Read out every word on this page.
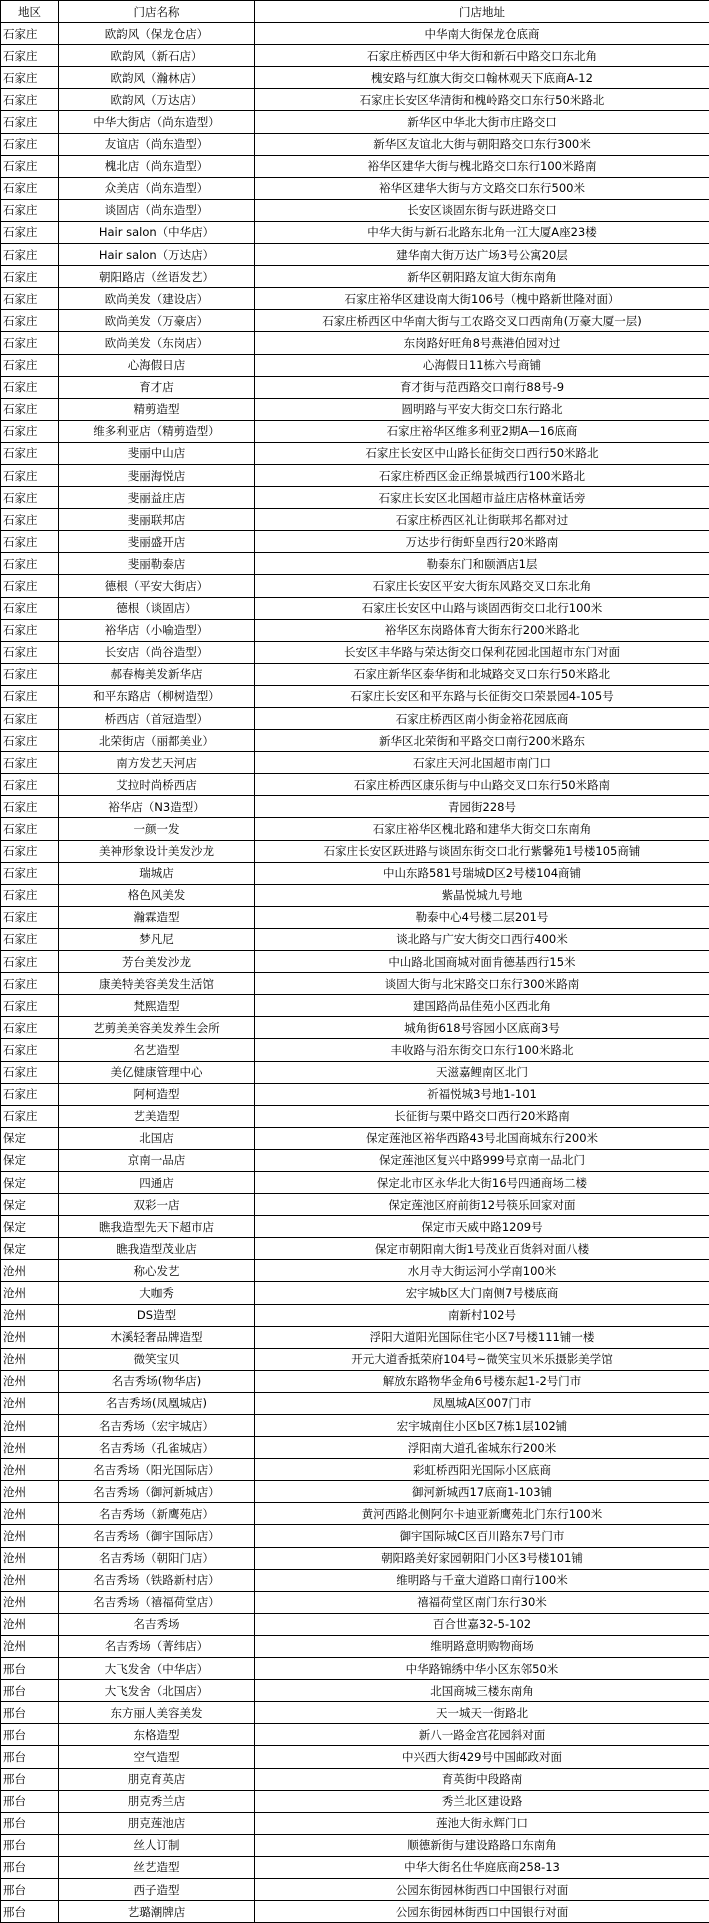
地区	门店名称	门店地址
石家庄	欧韵风（保龙仓店）	中华南大街保龙仓底商
石家庄	欧韵风（新石店）	石家庄桥西区中华大街和新石中路交口东北角
石家庄	欧韵风（瀚林店）	槐安路与红旗大街交口翰林观天下底商A-12
石家庄	欧韵风（万达店）	石家庄长安区华清街和槐岭路交口东行50米路北
石家庄	中华大街店（尚东造型）	新华区中华北大街市庄路交口
石家庄	友谊店（尚东造型）	新华区友谊北大街与朝阳路交口东行300米
石家庄	槐北店（尚东造型）	裕华区建华大街与槐北路交口东行100米路南
石家庄	众美店（尚东造型）	裕华区建华大街与方文路交口东行500米
石家庄	谈固店（尚东造型）	长安区谈固东街与跃进路交口
石家庄	Hair salon（中华店）	中华大街与新石北路东北角一江大厦A座23楼
石家庄	Hair salon（万达店）	建华南大街万达广场3号公寓20层
石家庄	朝阳路店（丝语发艺）	新华区朝阳路友谊大街东南角
石家庄	欧尚美发（建设店）	石家庄裕华区建设南大街106号（槐中路新世隆对面）
石家庄	欧尚美发（万豪店）	石家庄桥西区中华南大街与工农路交叉口西南角(万豪大厦一层)
石家庄	欧尚美发（东岗店）	东岗路好旺角8号燕港伯园对过
石家庄	心海假日店	心海假日11栋六号商铺
石家庄	育才店	育才街与范西路交口南行88号-9
石家庄	精剪造型	圆明路与平安大街交口东行路北
石家庄	维多利亚店（精剪造型）	石家庄裕华区维多利亚2期A—16底商
石家庄	斐丽中山店	石家庄长安区中山路长征街交口西行50米路北
石家庄	斐丽海悦店	石家庄桥西区金正绵景城西行100米路北
石家庄	斐丽益庄店	石家庄长安区北国超市益庄店格林童话旁
石家庄	斐丽联邦店	石家庄桥西区礼让街联邦名都对过
石家庄	斐丽盛开店	万达步行街虾皇西行20米路南
石家庄	斐丽勒泰店	勒泰东门和颐酒店1层
石家庄	德根（平安大街店）	石家庄长安区平安大街东风路交叉口东北角
石家庄	德根（谈固店）	石家庄长安区中山路与谈固西街交口北行100米
石家庄	裕华店（小喻造型）	裕华区东岗路体育大街东行200米路北
石家庄	长安店（尚谷造型）	长安区丰华路与荣达街交口保利花园北国超市东门对面
石家庄	郝春梅美发新华店	石家庄新华区泰华街和北城路交叉口东行50米路北
石家庄	和平东路店（柳树造型）	石家庄长安区和平东路与长征街交口荣景园4-105号
石家庄	桥西店（首冠造型）	石家庄桥西区南小街金裕花园底商
石家庄	北荣街店（丽都美业）	新华区北荣街和平路交口南行200米路东
石家庄	南方发艺天河店	石家庄天河北国超市南门口
石家庄	艾拉时尚桥西店	石家庄桥西区康乐街与中山路交叉口东行50米路南
石家庄	裕华店（N3造型）	青园街228号
石家庄	一颜一发	石家庄裕华区槐北路和建华大街交口东南角
石家庄	美神形象设计美发沙龙	石家庄长安区跃进路与谈固东街交口北行紫馨苑1号楼105商铺
石家庄	瑞城店	中山东路581号瑞城D区2号楼104商铺
石家庄	格色风美发	紫晶悦城九号地
石家庄	瀚霖造型	勒泰中心4号楼二层201号
石家庄	梦凡尼	谈北路与广安大街交口西行400米
石家庄	芳台美发沙龙	中山路北国商城对面肯德基西行15米
石家庄	康美特美容美发生活馆	谈固大街与北宋路交口东行300米路南
石家庄	梵熙造型	建国路尚品佳苑小区西北角
石家庄	艺剪美美容美发养生会所	城角街618号容园小区底商3号
石家庄	名艺造型	丰收路与沿东街交口东行100米路北
石家庄	美亿健康管理中心	天滋嘉鲤南区北门
石家庄	阿柯造型	祈福悦城3号地1-101
石家庄	艺美造型	长征街与栗中路交口西行20米路南
保定	北国店	保定莲池区裕华西路43号北国商城东行200米
保定	京南一品店	保定莲池区复兴中路999号京南一品北门
保定	四通店	保定北市区永华北大街16号四通商场二楼
保定	双彩一店	保定莲池区府前街12号筷乐回家对面
保定	瞧我造型先天下超市店	保定市天威中路1209号
保定	瞧我造型茂业店	保定市朝阳南大街1号茂业百货斜对面八楼
沧州	称心发艺	水月寺大街运河小学南100米
沧州	大咖秀	宏宇城b区大门南侧7号楼底商
沧州	DS造型	南新村102号
沧州	木溪轻奢品牌造型	浮阳大道阳光国际住宅小区7号楼111铺一楼
沧州	微笑宝贝	开元大道香抵荣府104号~微笑宝贝米乐摄影美学馆
沧州	名吉秀场(物华店)	解放东路物华金角6号楼东起1-2号门市
沧州	名吉秀场(凤凰城店)	凤凰城A区007门市
沧州	名吉秀场（宏宇城店）	宏宇城南住小区b区7栋1层102铺
沧州	名吉秀场（孔雀城店）	浮阳南大道孔雀城东行200米
沧州	名吉秀场（阳光国际店）	彩虹桥西阳光国际小区底商
沧州	名吉秀场（御河新城店）	御河新城西17底商1-103铺
沧州	名吉秀场（新鹰苑店）	黄河西路北侧阿尔卡迪亚新鹰苑北门东行100米
沧州	名吉秀场（御宇国际店）	御宇国际城C区百川路东7号门市
沧州	名吉秀场（朝阳门店）	朝阳路美好家园朝阳门小区3号楼101铺
沧州	名吉秀场（铁路新村店）	维明路与千童大道路口南行100米
沧州	名吉秀场（禧福荷堂店）	禧福荷堂区南门东行30米
沧州	名吉秀场	百合世嘉32-5-102
沧州	名吉秀场（菁纬店）	维明路意明购物商场
邢台	大飞发舍（中华店）	中华路锦绣中华小区东邻50米
邢台	大飞发舍（北国店）	北国商城三楼东南角
邢台	东方丽人美容美发	天一城天一街路北
邢台	东格造型	新八一路金宫花园斜对面
邢台	空气造型	中兴西大街429号中国邮政对面
邢台	朋克育英店	育英街中段路南
邢台	朋克秀兰店	秀兰北区建设路
邢台	朋克莲池店	莲池大街永辉门口
邢台	丝人订制	顺德新街与建设路路口东南角
邢台	丝艺造型	中华大街名仕华庭底商258-13
邢台	西子造型	公园东街园林街西口中国银行对面
邢台	艺璐潮牌店	公园东街园林街西口中国银行对面
